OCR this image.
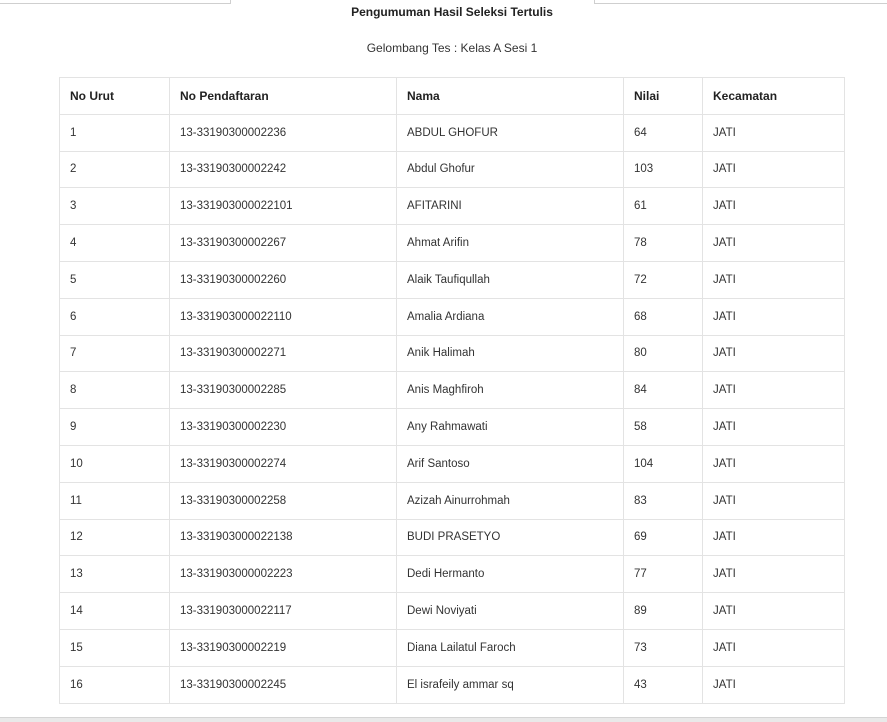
Pengumuman Hasil Seleksi Tertulis
Gelombang Tes : Kelas A Sesi 1
No Urut	No Pendaftaran	Nama	Nilai	Kecamatan
1	13-33190300002236	ABDUL GHOFUR	64	JATI
2	13-33190300002242	Abdul Ghofur	103	JATI
3	13-331903000022101	AFITARINI	61	JATI
4	13-33190300002267	Ahmat Arifin	78	JATI
5	13-33190300002260	Alaik Taufiqullah	72	JATI
6	13-331903000022110	Amalia Ardiana	68	JATI
7	13-33190300002271	Anik Halimah	80	JATI
8	13-33190300002285	Anis Maghfiroh	84	JATI
9	13-33190300002230	Any Rahmawati	58	JATI
10	13-33190300002274	Arif Santoso	104	JATI
11	13-33190300002258	Azizah Ainurrohmah	83	JATI
12	13-331903000022138	BUDI PRASETYO	69	JATI
13	13-331903000002223	Dedi Hermanto	77	JATI
14	13-331903000022117	Dewi Noviyati	89	JATI
15	13-33190300002219	Diana Lailatul Faroch	73	JATI
16	13-33190300002245	El israfeily ammar sq	43	JATI
